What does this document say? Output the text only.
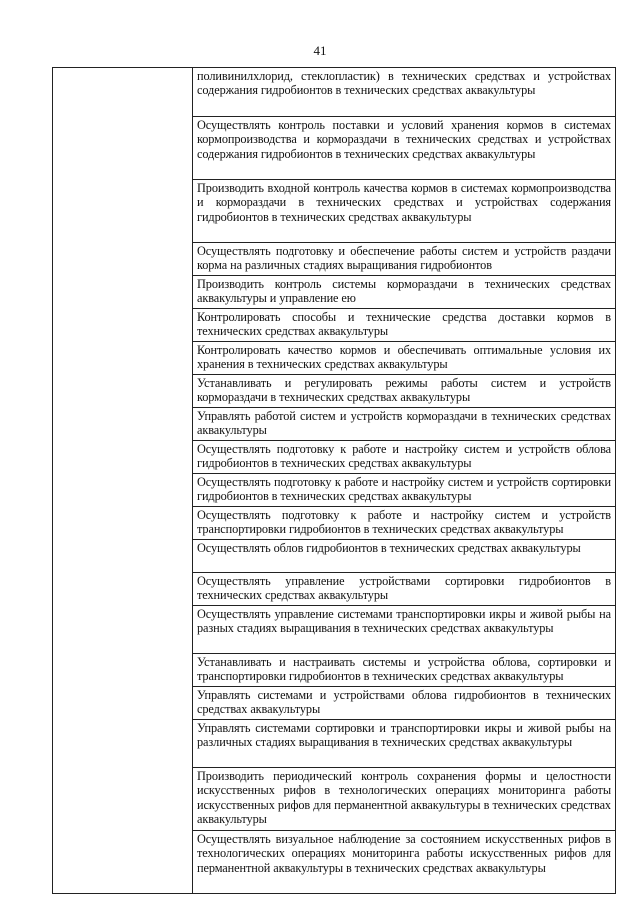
41
	поливинилхлорид, стеклопластик) в технических средствах и устройствах содержания гидробионтов в технических средствах аквакультуры
Осуществлять контроль поставки и условий хранения кормов в системах кормопроизводства и кормораздачи в технических средствах и устройствах содержания гидробионтов в технических средствах аквакультуры
Производить входной контроль качества кормов в системах кормопроизводства и кормораздачи в технических средствах и устройствах содержания гидробионтов в технических средствах аквакультуры
Осуществлять подготовку и обеспечение работы систем и устройств раздачи корма на различных стадиях выращивания гидробионтов
Производить контроль системы кормораздачи в технических средствах аквакультуры и управление ею
Контролировать способы и технические средства доставки кормов в технических средствах аквакультуры
Контролировать качество кормов и обеспечивать оптимальные условия их хранения в технических средствах аквакультуры
Устанавливать и регулировать режимы работы систем и устройств кормораздачи в технических средствах аквакультуры
Управлять работой систем и устройств кормораздачи в технических средствах аквакультуры
Осуществлять подготовку к работе и настройку систем и устройств облова гидробионтов в технических средствах аквакультуры
Осуществлять подготовку к работе и настройку систем и устройств сортировки гидробионтов в технических средствах аквакультуры
Осуществлять подготовку к работе и настройку систем и устройств транспортировки гидробионтов в технических средствах аквакультуры
Осуществлять облов гидробионтов в технических средствах аквакультуры
Осуществлять управление устройствами сортировки гидробионтов в технических средствах аквакультуры
Осуществлять управление системами транспортировки икры и живой рыбы на разных стадиях выращивания в технических средствах аквакультуры
Устанавливать и настраивать системы и устройства облова, сортировки и транспортировки гидробионтов в технических средствах аквакультуры
Управлять системами и устройствами облова гидробионтов в технических средствах аквакультуры
Управлять системами сортировки и транспортировки икры и живой рыбы на различных стадиях выращивания в технических средствах аквакультуры
Производить периодический контроль сохранения формы и целостности искусственных рифов в технологических операциях мониторинга работы искусственных рифов для перманентной аквакультуры в технических средствах аквакультуры
Осуществлять визуальное наблюдение за состоянием искусственных рифов в технологических операциях мониторинга работы искусственных рифов для перманентной аквакультуры в технических средствах аквакультуры
